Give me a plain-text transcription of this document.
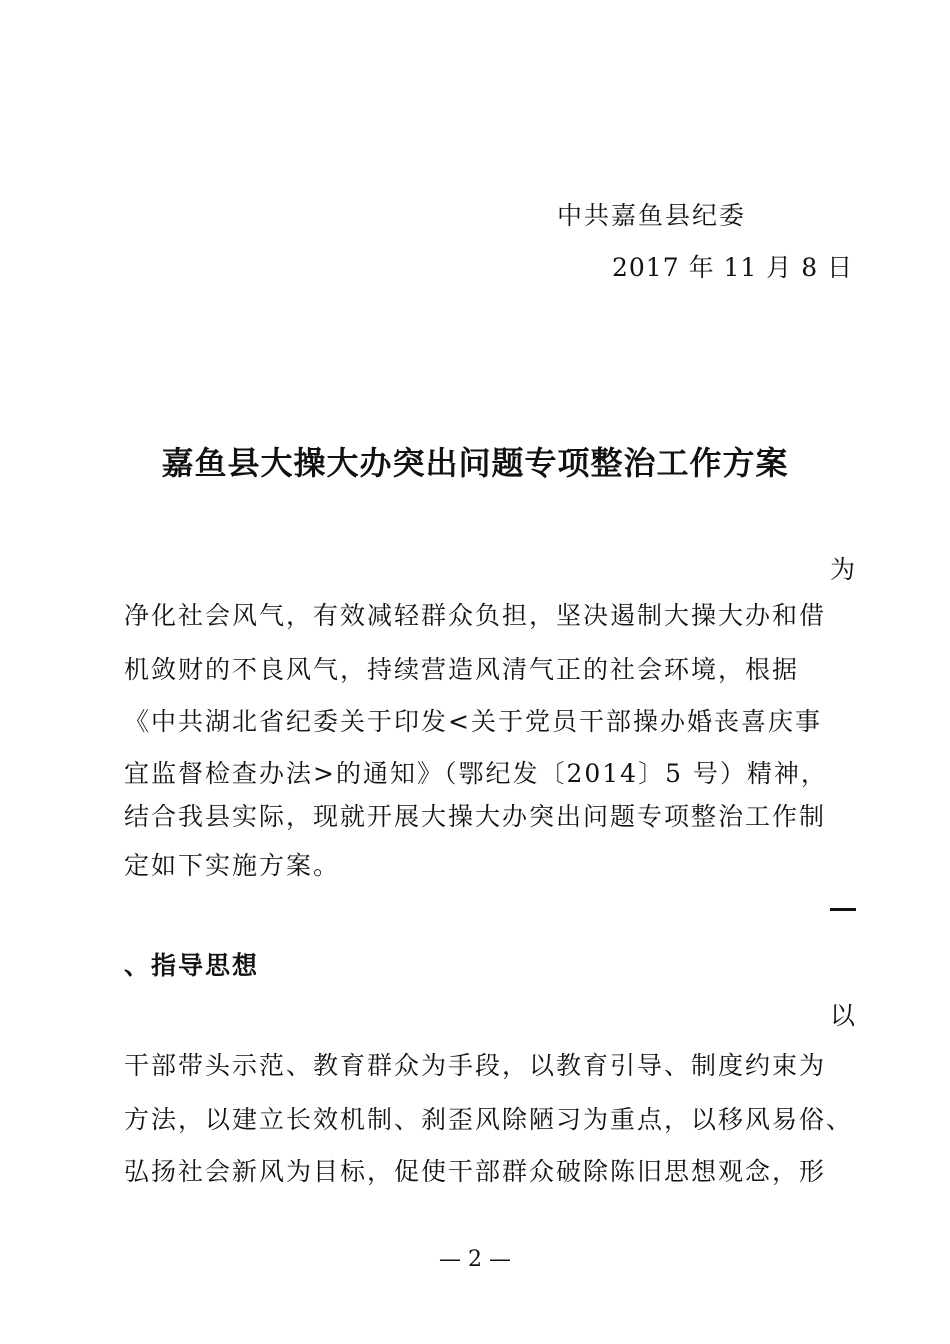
中共嘉鱼县纪委
2017 年 11 月 8 日
嘉鱼县大操大办突出问题专项整治工作方案
为
净化社会风气，有效减轻群众负担，坚决遏制大操大办和借
机敛财的不良风气，持续营造风清气正的社会环境，根据
《中共湖北省纪委关于印发<关于党员干部操办婚丧喜庆事
宜监督检查办法>的通知》（鄂纪发〔2014〕5 号）精神，
结合我县实际，现就开展大操大办突出问题专项整治工作制
定如下实施方案。
、指导思想
以
干部带头示范、教育群众为手段，以教育引导、制度约束为
方法，以建立长效机制、刹歪风除陋习为重点，以移风易俗、
弘扬社会新风为目标，促使干部群众破除陈旧思想观念，形
— 2 —
